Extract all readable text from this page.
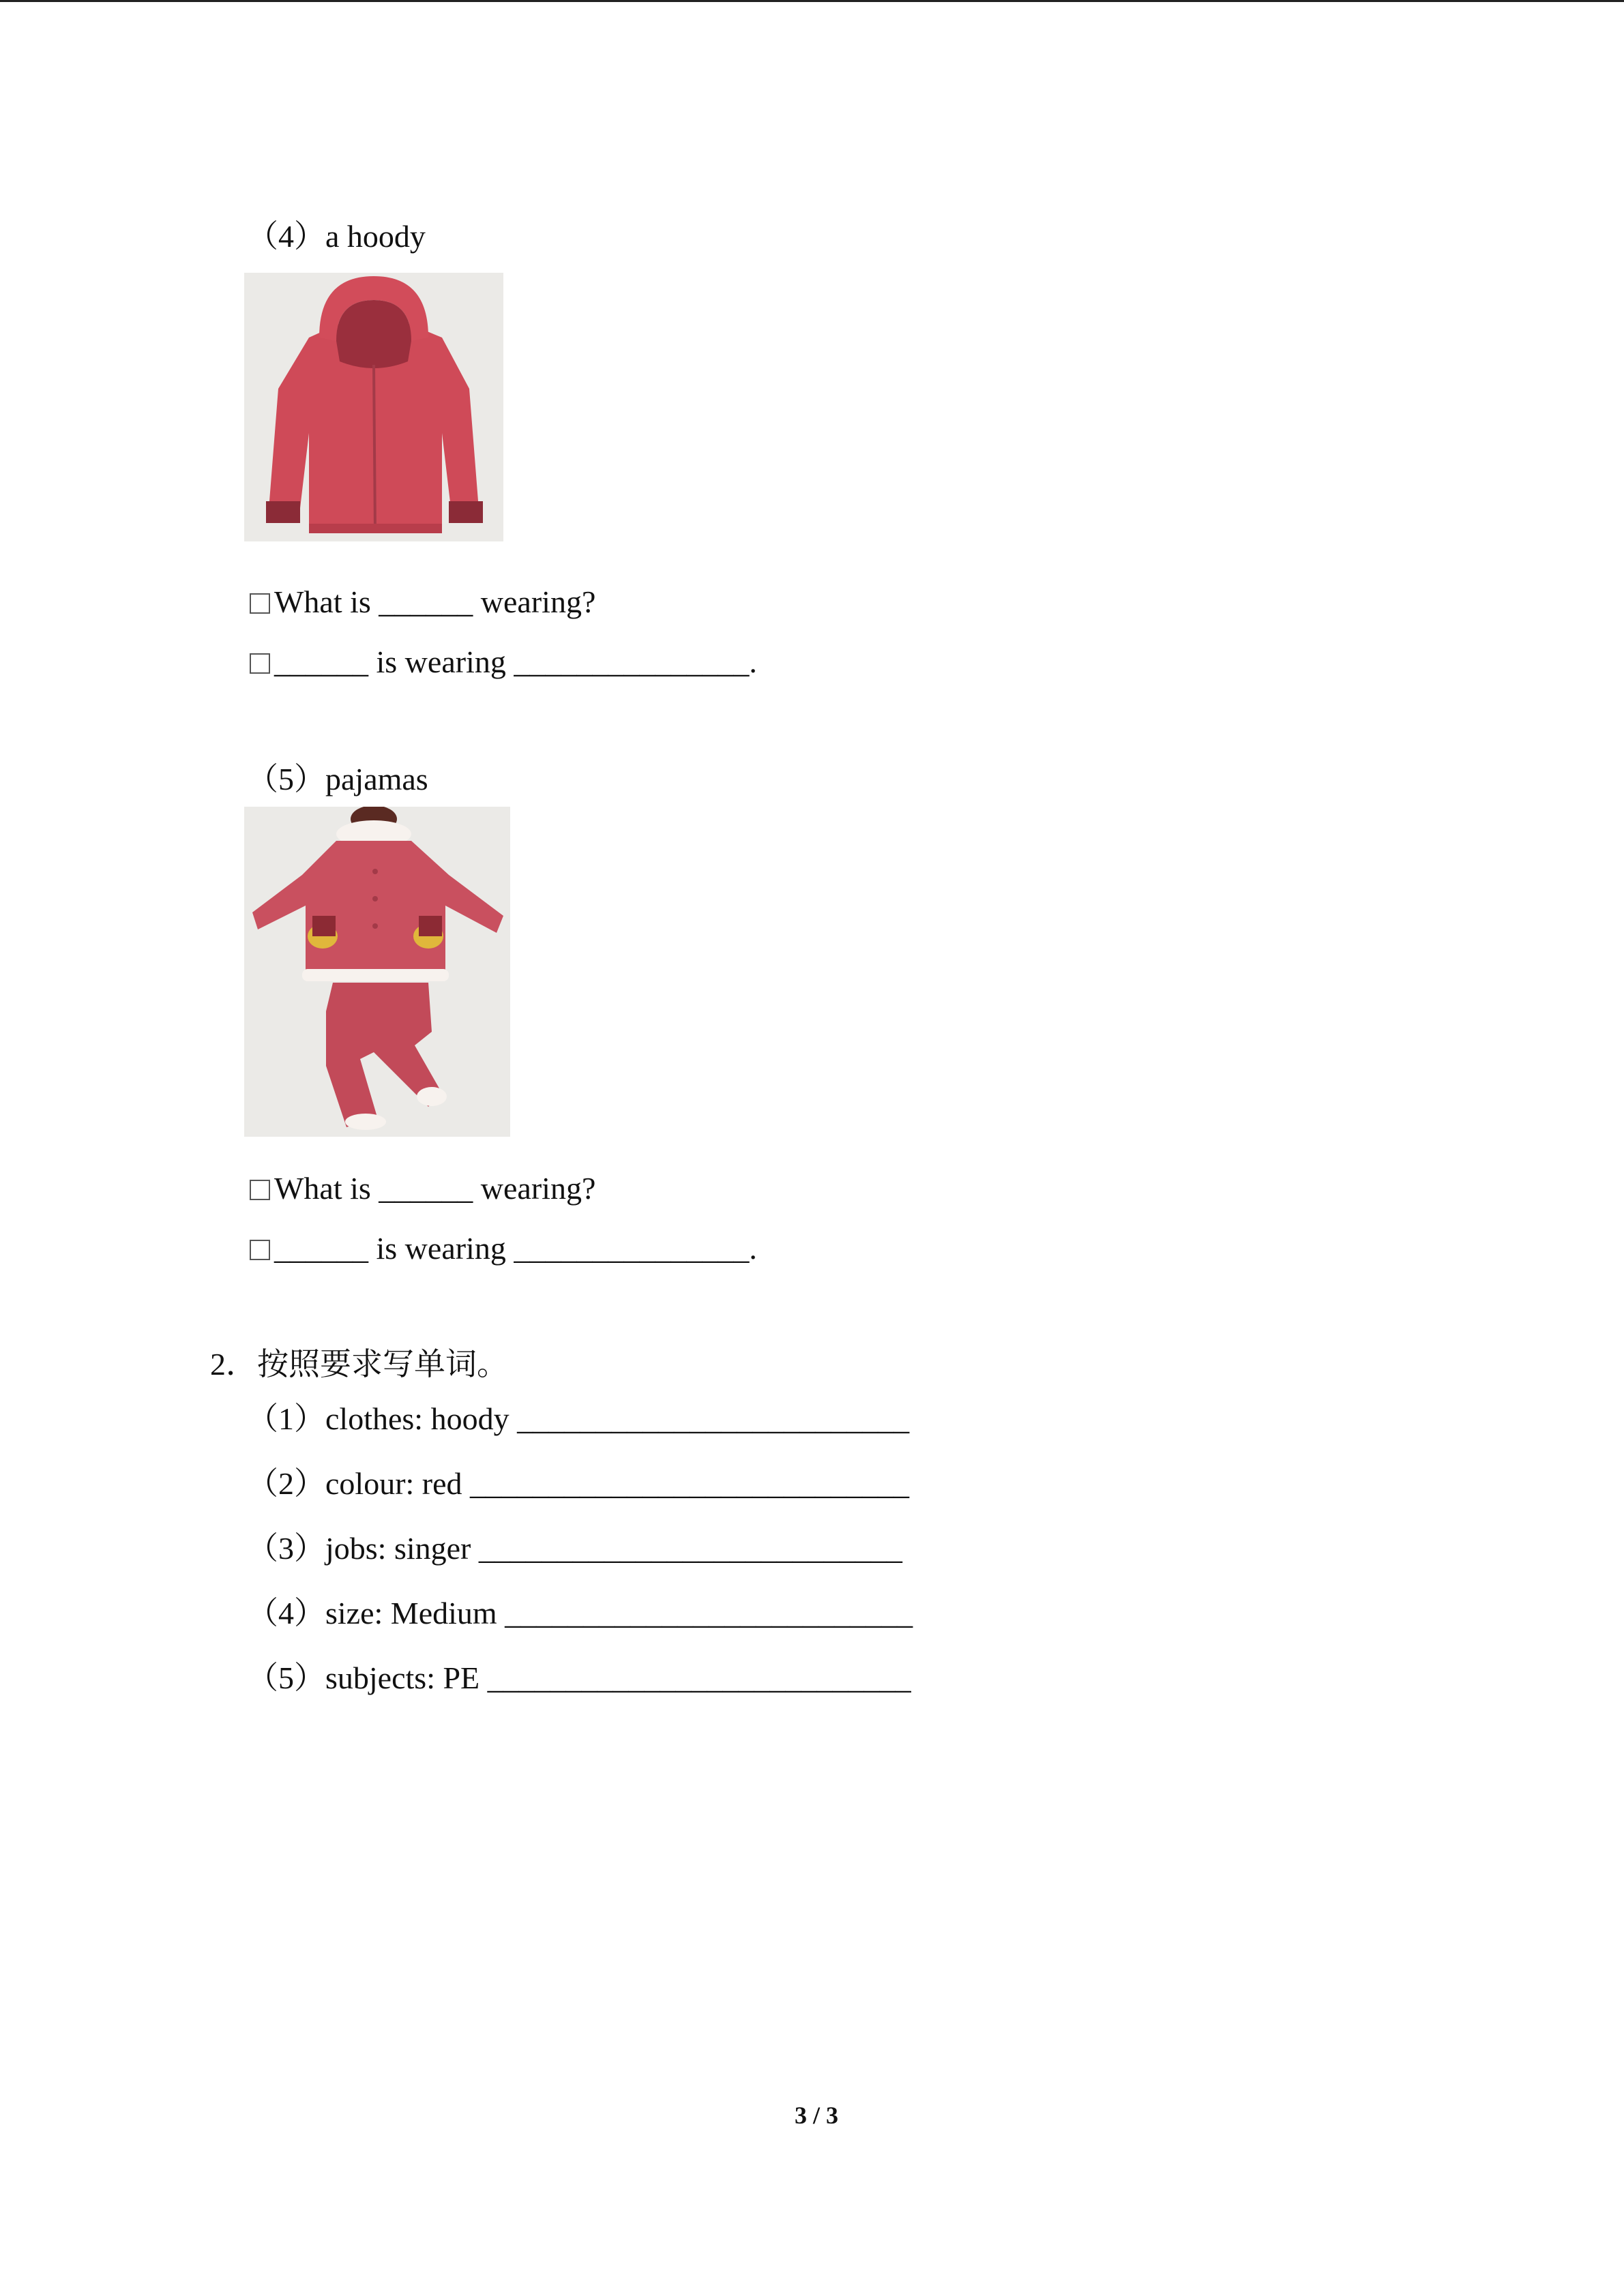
（4）a hoody
What is ______ wearing?
______ is wearing _______________.
（5）pajamas
What is ______ wearing?
______ is wearing _______________.
2．按照要求写单词。
（1）clothes: hoody _________________________
（2）colour: red ____________________________
（3）jobs: singer ___________________________
（4）size: Medium __________________________
（5）subjects: PE ___________________________
3 / 3
